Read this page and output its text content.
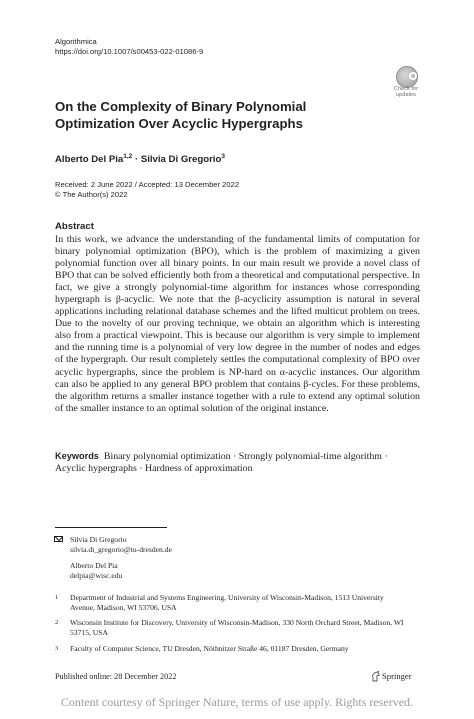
Algorithmica
https://doi.org/10.1007/s00453-022-01086-9
Check for
updates
On the Complexity of Binary Polynomial Optimization Over Acyclic Hypergraphs
Alberto Del Pia$^{1,2}$ · Silvia Di Gregorio$^3$
Received: 2 June 2022 / Accepted: 13 December 2022
© The Author(s) 2022
Abstract
In this work, we advance the understanding of the fundamental limits of computation for binary polynomial optimization (BPO), which is the problem of maximizing a given polynomial function over all binary points. In our main result we provide a novel class of BPO that can be solved efficiently both from a theoretical and computational perspective. In fact, we give a strongly polynomial-time algorithm for instances whose corresponding hypergraph is β-acyclic. We note that the β-acyclicity assumption is natural in several applications including relational database schemes and the lifted multicut problem on trees. Due to the novelty of our proving technique, we obtain an algorithm which is interesting also from a practical viewpoint. This is because our algorithm is very simple to implement and the running time is a polynomial of very low degree in the number of nodes and edges of the hypergraph. Our result completely settles the computational complexity of BPO over acyclic hypergraphs, since the problem is NP-hard on α-acyclic instances. Our algorithm can also be applied to any general BPO problem that contains β-cycles. For these problems, the algorithm returns a smaller instance together with a rule to extend any optimal solution of the smaller instance to an optimal solution of the original instance.
Keywords Binary polynomial optimization · Strongly polynomial-time algorithm · Acyclic hypergraphs · Hardness of approximation
Silvia Di Gregorio
silvia.di_gregorio@tu-dresden.de
Alberto Del Pia
delpia@wisc.edu
1 Department of Industrial and Systems Engineering, University of Wisconsin-Madison, 1513 University Avenue, Madison, WI 53706, USA
2 Wisconsin Institute for Discovery, University of Wisconsin-Madison, 330 North Orchard Street, Madison, WI 53715, USA
3 Faculty of Computer Science, TU Dresden, Nöthnitzer Straße 46, 01187 Dresden, Germany
Published online: 28 December 2022	Springer
Content courtesy of Springer Nature, terms of use apply. Rights reserved.
